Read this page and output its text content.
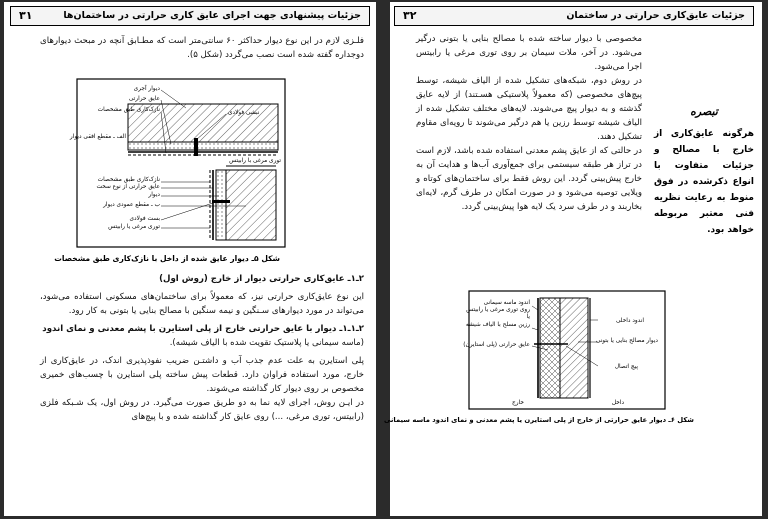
۳۱	جزئیات پیشنهادی جهت اجرای عایق کاری حرارتی در ساختمان‌ها

فلـزی لازم در این نوع دیوار حداکثر ۶۰ سانتی‌متر است که مطـابق آنچه در مبحث دیوارهای دوجداره گفته شده است نصب می‌گردد (شکل ۵).

دیوار آجری
عایق حرارتی
نازک‌کاری طبق مشخصات	نبشی فولادی
الف ـ مقطع افقی دیوار
نازک‌کاری طبق مشخصات
عایق حرارتی از نوع سخت
دیوار
ب ـ مقطع عمودی دیوار
بست فولادی
توری مرغی یا رابیتس
توری مرغی با رابیتس
شکل ۵ـ دیوار عایق شده از داخل با نازک‌کاری طبق مشخصات

۲ـ۱ـ عایق‌کاری حرارتی دیوار از خارج (روش اول)

این نوع عایق‌کاری حرارتی نیز، که معمولاً برای ساختمان‌های مسکونی استفاده می‌شود، می‌تواند در مورد دیوارهای سـنگین و نیمه سنگین با مصالح بنایی یا بتونی به کار رود.

۲ـ۱ـ۱ـ دیوار با عایق حرارتی خارج از پلی استایرن با پشم معدنی و نمای اندود

(ماسه سیمانی یا پلاستیک تقویت شده با الیاف شیشه).

پلی استایرن به علت عدم جذب آب و داشتـن ضریب نفوذپذیری اندک، در عایق‌کاری از خارج، مورد استفاده فراوان دارد. قطعات پیش ساخته پلی استایرن با چسب‌های خمیری مخصوص بر روی دیوار کار گذاشته می‌شوند.

در ایـن روش، اجرای لایه نما به دو طریق صورت می‌گیرد. در روش اول، یک شـبکه فلزی (رابیتس، توری مرغی، ...) روی عایق کار گذاشته شده و با پیچ‌های

۳۲	جزئیات عایق‌کاری حرارتی در ساختمان

مخصوصی با دیوار ساخته شده با مصالح بنایی یا بتونی درگیر می‌شود. در آخر، ملات سیمان بر روی توری مرغی یا رابیتس اجرا می‌شود.

در روش دوم، شبکه‌های تشکیل شده از الیاف شیشه، توسط پیچ‌های مخصوصی (که معمولاً پلاستیکی هسـتند) از لایه عایق گذشته و به دیوار پیچ می‌شوند. لایه‌های مختلف تشکیل شده از الیاف شیشه توسط رزین یا هم درگیر می‌شوند تا رویه‌ای مقاوم تشکیل دهند.

در حالتی که از عایق پشم معدنی استفاده شده باشد، لازم است در تراز هر طبقه سیستمی برای جمع‌آوری آب‌ها و هدایت آن به خارج پیش‌بینی گردد. این روش فقط برای ساختمان‌های کوتاه و ویلایی توصیه می‌شود و در صورت امکان در طرف گرم، لایه‌ای بخاربند و در طرف سرد یک لایه هوا پیش‌بینی گردد.

تبصره
هرگونه عایق‌کاری از خارج با مصالح و جزئیات متفاوت با انواع ذکرشده در فوق منوط به رعایت نظریه فنی معتبر مربوطه خواهد بود.
اندود ماسه سیمانی
روی توری مرغی یا رابیتس
یا
رزین مسلح با الیاف شیشه
عایق حرارتی (پلی استایرن)
اندود داخلی
دیوار مصالح بنایی یا بتونی
پیچ اتصال
خارج	داخل
شکل ۶ـ دیوار عایق حرارتی از خارج از پلی استایرن یا پشم معدنی و نمای اندود ماسه سیمانی
